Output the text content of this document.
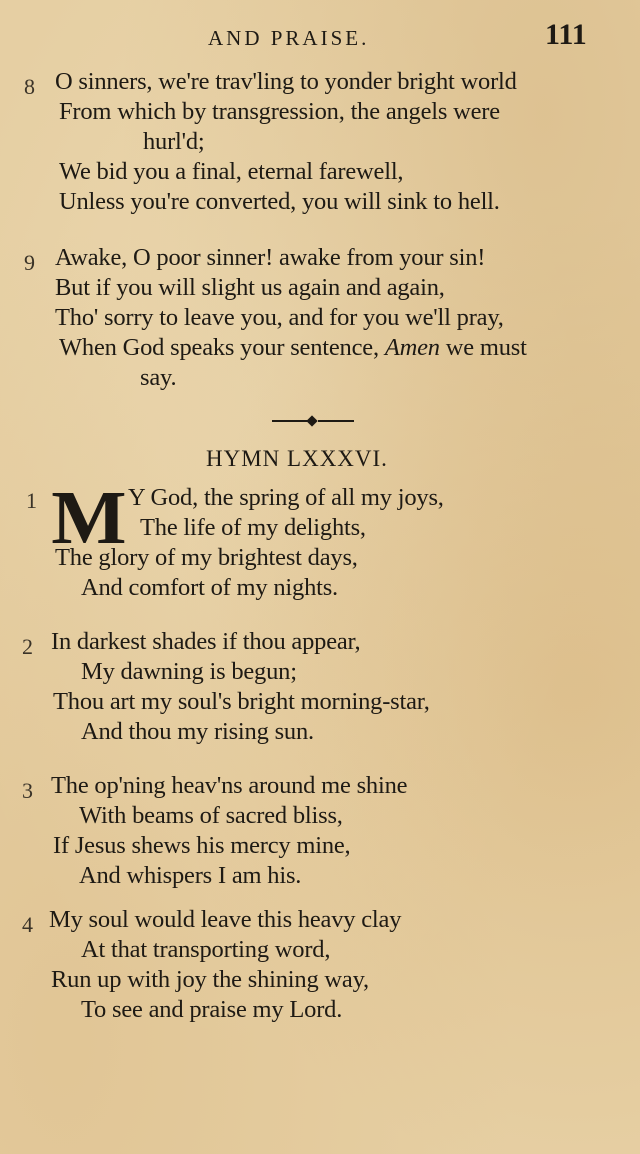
AND PRAISE.	111
8 O sinners, we're trav'ling to yonder bright world
From which by transgression, the angels were
hurl'd;
We bid you a final, eternal farewell,
Unless you're converted, you will sink to hell.
9 Awake, O poor sinner! awake from your sin!
But if you will slight us again and again,
Tho' sorry to leave you, and for you we'll pray,
When God speaks your sentence, Amen we must
say.
HYMN LXXXVI.
1 M Y God, the spring of all my joys,
The life of my delights,
The glory of my brightest days,
And comfort of my nights.
2 In darkest shades if thou appear,
My dawning is begun;
Thou art my soul's bright morning-star,
And thou my rising sun.
3 The op'ning heav'ns around me shine
With beams of sacred bliss,
If Jesus shews his mercy mine,
And whispers I am his.
4 My soul would leave this heavy clay
At that transporting word,
Run up with joy the shining way,
To see and praise my Lord.
